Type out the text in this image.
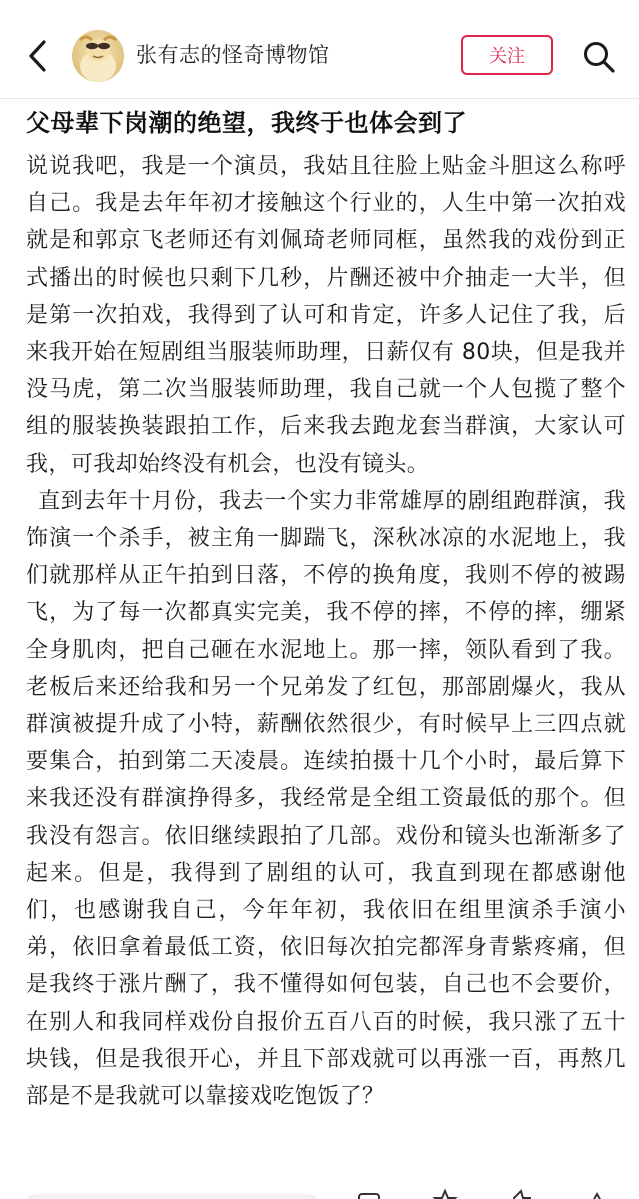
张有志的怪奇博物馆	关注
父母辈下岗潮的绝望，我终于也体会到了

说说我吧，我是一个演员，我姑且往脸上贴金斗胆这么称呼自己。我是去年年初才接触这个行业的，人生中第一次拍戏就是和郭京飞老师还有刘佩琦老师同框，虽然我的戏份到正式播出的时候也只剩下几秒，片酬还被中介抽走一大半，但是第一次拍戏，我得到了认可和肯定，许多人记住了我，后来我开始在短剧组当服装师助理，日薪仅有 80块，但是我并没马虎，第二次当服装师助理，我自己就一个人包揽了整个组的服装换装跟拍工作，后来我去跑龙套当群演，大家认可我，可我却始终没有机会，也没有镜头。

直到去年十月份，我去一个实力非常雄厚的剧组跑群演，我饰演一个杀手，被主角一脚踹飞，深秋冰凉的水泥地上，我们就那样从正午拍到日落，不停的换角度，我则不停的被踢飞，为了每一次都真实完美，我不停的摔，不停的摔，绷紧全身肌肉，把自己砸在水泥地上。那一摔，领队看到了我。老板后来还给我和另一个兄弟发了红包，那部剧爆火，我从群演被提升成了小特，薪酬依然很少，有时候早上三四点就要集合，拍到第二天凌晨。连续拍摄十几个小时，最后算下来我还没有群演挣得多，我经常是全组工资最低的那个。但我没有怨言。依旧继续跟拍了几部。戏份和镜头也渐渐多了起来。但是，我得到了剧组的认可，我直到现在都感谢他们，也感谢我自己，今年年初，我依旧在组里演杀手演小弟，依旧拿着最低工资，依旧每次拍完都浑身青紫疼痛，但是我终于涨片酬了，我不懂得如何包装，自己也不会要价，在别人和我同样戏份自报价五百八百的时候，我只涨了五十块钱，但是我很开心，并且下部戏就可以再涨一百，再熬几部是不是我就可以靠接戏吃饱饭了？
